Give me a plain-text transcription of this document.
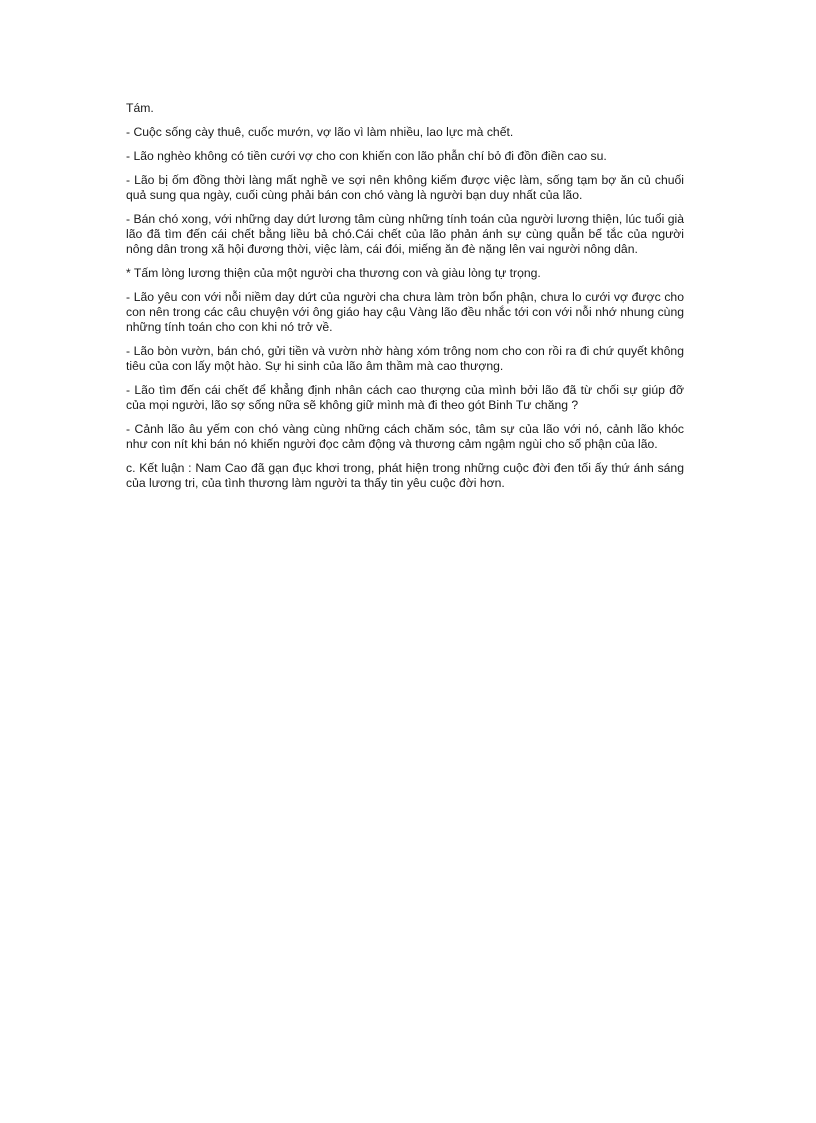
Tám.

- Cuộc sống cày thuê, cuốc mướn, vợ lão vì làm nhiều, lao lực mà chết.

- Lão nghèo không có tiền cưới vợ cho con khiến con lão phẫn chí bỏ đi đồn điền cao su.

- Lão bị ốm đồng thời làng mất nghề ve sợi nên không kiếm được việc làm, sống tạm bợ ăn củ chuối quả sung qua ngày, cuối cùng phải bán con chó vàng là người bạn duy nhất của lão.

- Bán chó xong, với những day dứt lương tâm cùng những tính toán của người lương thiện, lúc tuổi già lão đã tìm đến cái chết bằng liều bả chó.Cái chết của lão phản ánh sự cùng quẫn bế tắc của người nông dân trong xã hội đương thời, việc làm, cái đói, miếng ăn đè nặng lên vai người nông dân.

* Tấm lòng lương thiện của một người cha thương con và giàu lòng tự trọng.

- Lão yêu con với nỗi niềm day dứt của người cha chưa làm tròn bổn phận, chưa lo cưới vợ được cho con nên trong các câu chuyện với ông giáo hay cậu Vàng lão đều nhắc tới con với nỗi nhớ nhung cùng những tính toán cho con khi nó trở về.

- Lão bòn vườn, bán chó, gửi tiền và vườn nhờ hàng xóm trông nom cho con rồi ra đi chứ quyết không tiêu của con lấy một hào. Sự hi sinh của lão âm thầm mà cao thượng.

- Lão tìm đến cái chết để khẳng định nhân cách cao thượng của mình bởi lão đã từ chối sự giúp đỡ của mọi người, lão sợ sống nữa sẽ không giữ mình mà đi theo gót Binh Tư chăng ?

- Cảnh lão âu yếm con chó vàng cùng những cách chăm sóc, tâm sự của lão với nó, cảnh lão khóc như con nít khi bán nó khiến người đọc cảm động và thương cảm ngậm ngùi cho số phận của lão.

c. Kết luận : Nam Cao đã gạn đục khơi trong, phát hiện trong những cuộc đời đen tối ấy thứ ánh sáng của lương tri, của tình thương làm người ta thấy tin yêu cuộc đời hơn.
